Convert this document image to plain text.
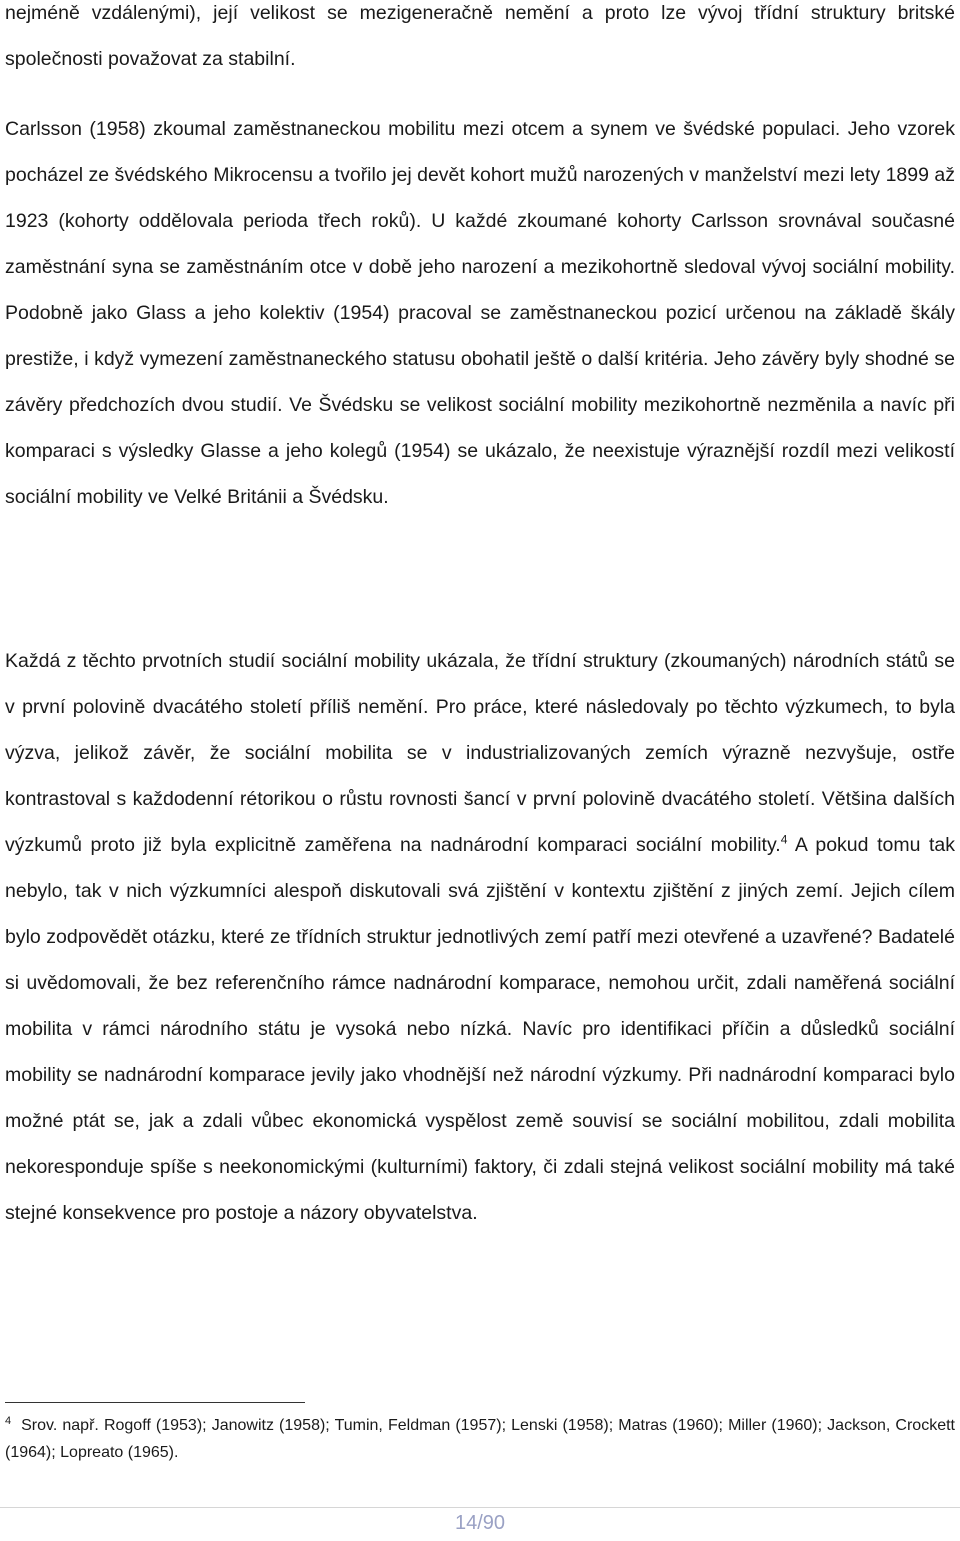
nejméně vzdálenými), její velikost se mezigeneračně nemění a proto lze vývoj třídní struktury britské společnosti považovat za stabilní.

Carlsson (1958) zkoumal zaměstnaneckou mobilitu mezi otcem a synem ve švédské populaci. Jeho vzorek pocházel ze švédského Mikrocensu a tvořilo jej devět kohort mužů narozených v manželství mezi lety 1899 až 1923 (kohorty oddělovala perioda třech roků). U každé zkoumané kohorty Carlsson srovnával současné zaměstnání syna se zaměstnáním otce v době jeho narození a mezikohortně sledoval vývoj sociální mobility. Podobně jako Glass a jeho kolektiv (1954) pracoval se zaměstnaneckou pozicí určenou na základě škály prestiže, i když vymezení zaměstnaneckého statusu obohatil ještě o další kritéria. Jeho závěry byly shodné se závěry předchozích dvou studií. Ve Švédsku se velikost sociální mobility mezikohortně nezměnila a navíc při komparaci s výsledky Glasse a jeho kolegů (1954) se ukázalo, že neexistuje výraznější rozdíl mezi velikostí sociální mobility ve Velké Británii a Švédsku.

Každá z těchto prvotních studií sociální mobility ukázala, že třídní struktury (zkoumaných) národních států se v první polovině dvacátého století příliš nemění. Pro práce, které následovaly po těchto výzkumech, to byla výzva, jelikož závěr, že sociální mobilita se v industrializovaných zemích výrazně nezvyšuje, ostře kontrastoval s každodenní rétorikou o růstu rovnosti šancí v první polovině dvacátého století. Většina dalších výzkumů proto již byla explicitně zaměřena na nadnárodní komparaci sociální mobility.$^4$ A pokud tomu tak nebylo, tak v nich výzkumníci alespoň diskutovali svá zjištění v kontextu zjištění z jiných zemí. Jejich cílem bylo zodpovědět otázku, které ze třídních struktur jednotlivých zemí patří mezi otevřené a uzavřené? Badatelé si uvědomovali, že bez referenčního rámce nadnárodní komparace, nemohou určit, zdali naměřená sociální mobilita v rámci národního státu je vysoká nebo nízká. Navíc pro identifikaci příčin a důsledků sociální mobility se nadnárodní komparace jevily jako vhodnější než národní výzkumy. Při nadnárodní komparaci bylo možné ptát se, jak a zdali vůbec ekonomická vyspělost země souvisí se sociální mobilitou, zdali mobilita nekoresponduje spíše s neekonomickými (kulturními) faktory, či zdali stejná velikost sociální mobility má také stejné konsekvence pro postoje a názory obyvatelstva.

$^4$ Srov. např. Rogoff (1953); Janowitz (1958); Tumin, Feldman (1957); Lenski (1958); Matras (1960); Miller (1960); Jackson, Crockett (1964); Lopreato (1965).

14/90
